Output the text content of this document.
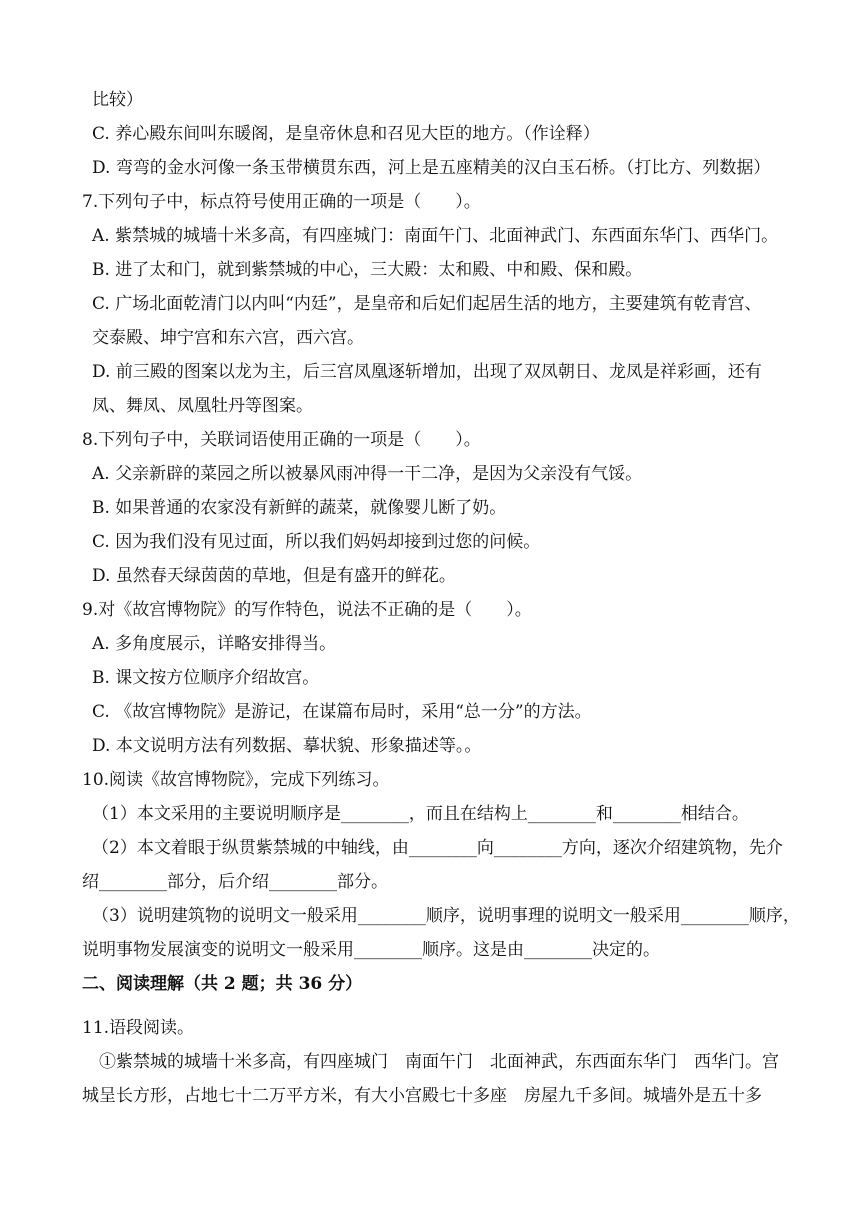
比较）
C. 养心殿东间叫东暖阁，是皇帝休息和召见大臣的地方。（作诠释）
D. 弯弯的金水河像一条玉带横贯东西，河上是五座精美的汉白玉石桥。（打比方、列数据）
7.下列句子中，标点符号使用正确的一项是（　　）。
A. 紫禁城的城墙十米多高，有四座城门：南面午门、北面神武门、东西面东华门、西华门。
B. 进了太和门，就到紫禁城的中心，三大殿：太和殿、中和殿、保和殿。
C. 广场北面乾清门以内叫“内廷”，是皇帝和后妃们起居生活的地方，主要建筑有乾青宫、
交泰殿、坤宁宫和东六宫，西六宫。
D. 前三殿的图案以龙为主，后三宫凤凰逐斩增加，出现了双凤朝日、龙凤是祥彩画，还有
凤、舞凤、凤凰牡丹等图案。
8.下列句子中，关联词语使用正确的一项是（　　）。
A. 父亲新辟的菜园之所以被暴风雨冲得一干二净，是因为父亲没有气馁。
B. 如果普通的农家没有新鲜的蔬菜，就像婴儿断了奶。
C. 因为我们没有见过面，所以我们妈妈却接到过您的问候。
D. 虽然春天绿茵茵的草地，但是有盛开的鲜花。
9.对《故宫博物院》的写作特色，说法不正确的是（　　）。
A. 多角度展示，详略安排得当。
B. 课文按方位顺序介绍故宫。
C. 《故宫博物院》是游记，在谋篇布局时，采用“总一分”的方法。
D. 本文说明方法有列数据、摹状貌、形象描述等。。
10.阅读《故宫博物院》，完成下列练习。
（1）本文采用的主要说明顺序是________，而且在结构上________和________相结合。
（2）本文着眼于纵贯紫禁城的中轴线，由________向________方向，逐次介绍建筑物，先介
绍________部分，后介绍________部分。
（3）说明建筑物的说明文一般采用________顺序，说明事理的说明文一般采用________顺序，
说明事物发展演变的说明文一般采用________顺序。这是由________决定的。
二、阅读理解（共 2 题；共 36 分）
11.语段阅读。
　①紫禁城的城墙十米多高，有四座城门　南面午门　北面神武，东西面东华门　西华门。宫
城呈长方形，占地七十二万平方米，有大小宫殿七十多座　房屋九千多间。城墙外是五十多
